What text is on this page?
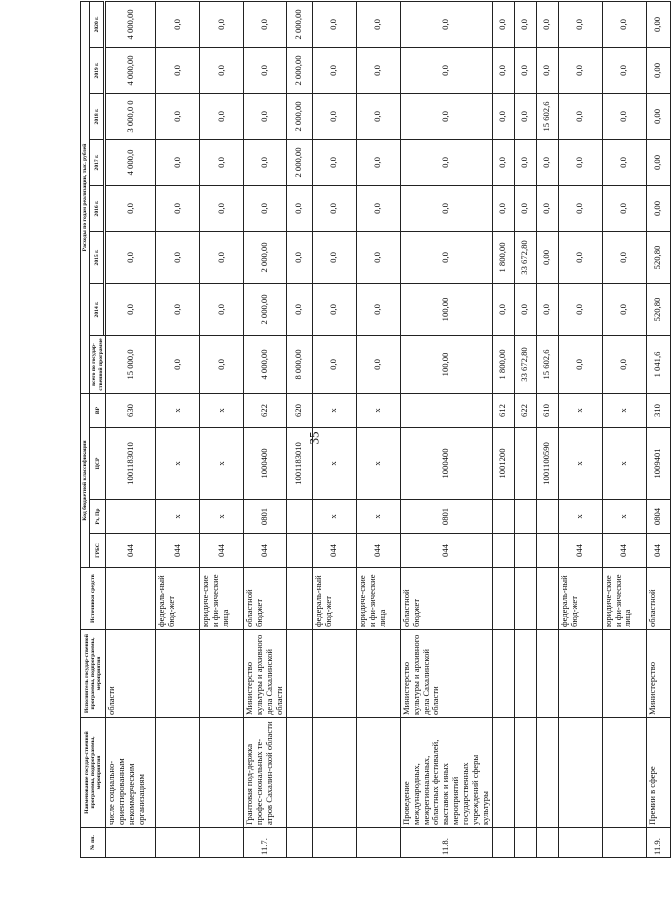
35
№ пп.	Наименование государ-ственной программы, подпрограммы, мероприятия	Исполнитель государ-ственной программы, подпрограммы, мероприятия	Источники средств	Код бюджетной классификации				Расходы по годам реализации, тыс. рублей							
				ГРБС	Рз, Пр	ЦСР	ВР	всего по государ-ственной программе	2014 г.	2015 г.	2016 г.	2017 г.	2018 г.	2019 г.	2020 г.

	числе социально-ориентированным некоммерческим организациям	области		044		1001183010	630	15 000,0	0,0	0,0	0,0	4 000,0	3 000,0 0	4 000,00	4 000,00
			федераль-ный бюд-жет	044	x	x	x	0,0	0,0	0,0	0,0	0,0	0,0	0,0	0,0
			юридиче-ские и фи-зические лица	044	x	x	x	0,0	0,0	0,0	0,0	0,0	0,0	0,0	0,0
11.7.	Грантовая под-держка профес-сиональных те-атров Сахалин-ской области	Министерство культуры и архивного дела Сахалинской области	областной бюджет	044	0801	1000400	622	4 000,00	2 000,00	2 000,00	0,0	0,0	0,0	0,0	0,0
						1001183010	620	8 000,00	0,0	0,0	0,0	2 000,00	2 000,00	2 000,00	2 000,00
			федераль-ный бюд-жет	044	x	x	x	0,0	0,0	0,0	0,0	0,0	0,0	0,0	0,0
			юридиче-ские и фи-зические лица	044	x	x	x	0,0	0,0	0,0	0,0	0,0	0,0	0,0	0,0
11.8.	Проведение международных, межрегиональных, областных фестивалей, выставок и иных мероприятий государственных учреждений сферы культуры	Министерство культуры и архивного дела Сахалинской области	областной бюджет	044	0801	1000400		100,00	100,00	0,0	0,0	0,0	0,0	0,0	0,0
						1001200	612	1 800,00	0,0	1 800,00	0,0	0,0	0,0	0,0	0,0
							622	33 672,80	0,0	33 672,80	0,0	0,0	0,0	0,0	0,0
						1001100590	610	15 602,6	0,0	0,00	0,0	0,0	15 602,6	0,0	0,0
			федераль-ный бюд-жет	044	x	x	x	0,0	0,0	0,0	0,0	0,0	0,0	0,0	0,0
			юридиче-ские и фи-зические лица	044	x	x	x	0,0	0,0	0,0	0,0	0,0	0,0	0,0	0,0
11.9.	Премии в сфере	Министерство	областной	044	0804	1009401	310	1 041,6	520,80	520,80	0,00	0,00	0,00	0,00	0,00
